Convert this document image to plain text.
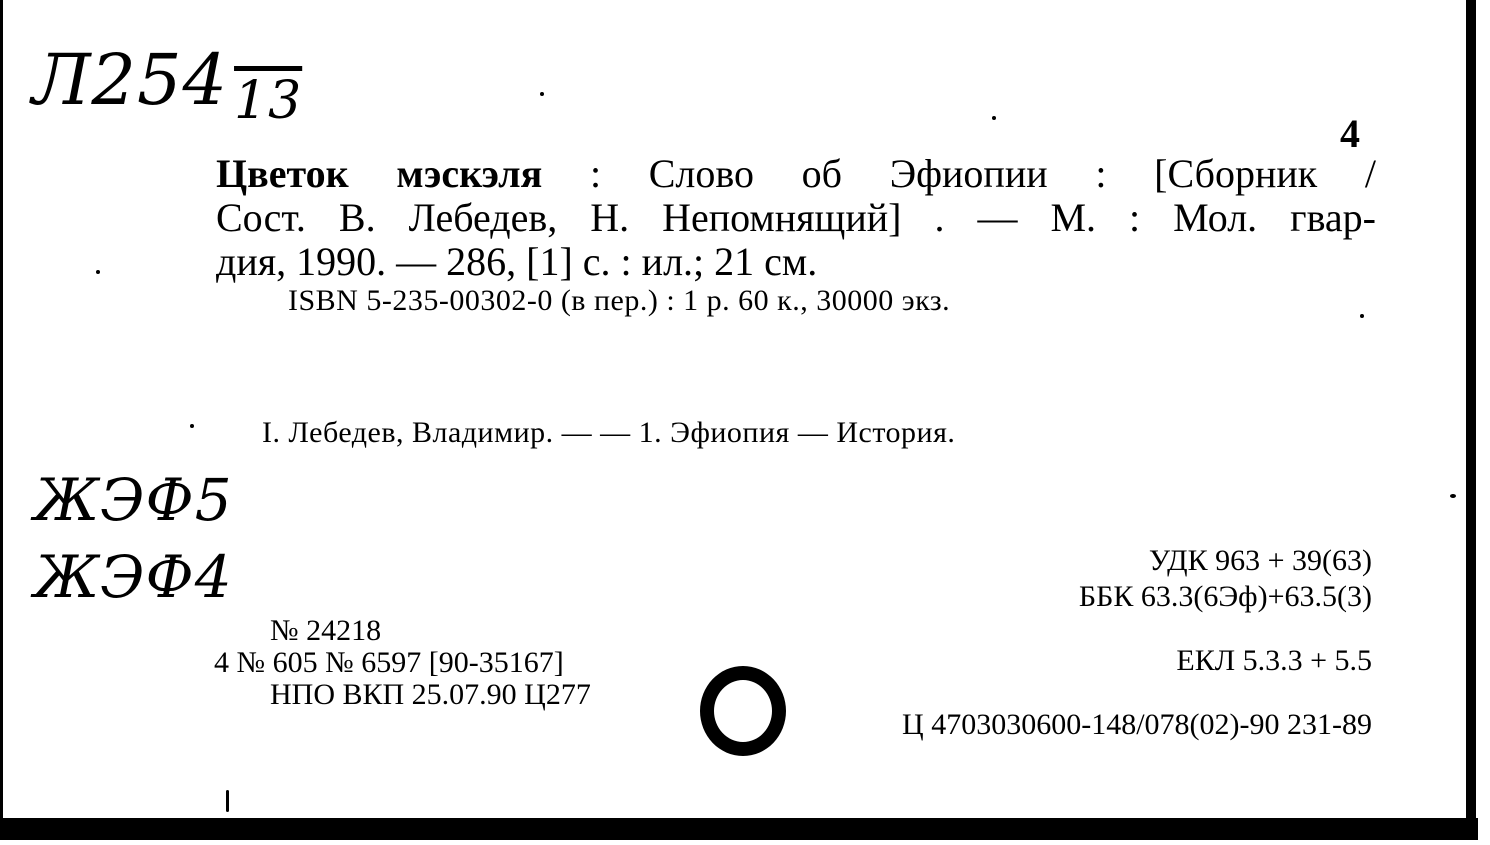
Л254 $_{13}$
4
Цветок мэскэля : Слово об Эфиопии : [Сборник /
Сост. В. Лебедев, Н. Непомнящий] . — М. : Мол. гвар-
дия, 1990. — 286, [1] с. : ил.; 21 см.
ISBN 5-235-00302-0 (в пер.) : 1 р. 60 к., 30000 экз.
I. Лебедев, Владимир. — — 1. Эфиопия — История.
ЖЭФ5
ЖЭФ4	УДК 963 + 39(63)
ББК 63.3(6Эф)+63.5(3)
ЕКЛ 5.3.3 + 5.5
Ц 4703030600-148/078(02)-90 231-89
№ 24218
4 № 605 № 6597 [90-35167]
НПО ВКП 25.07.90 Ц277
